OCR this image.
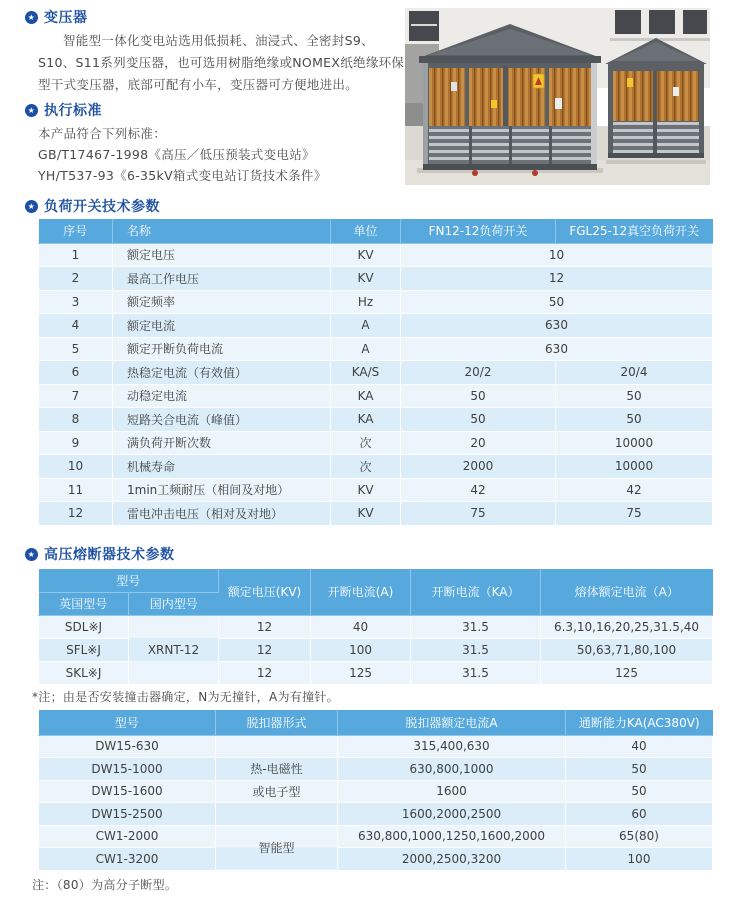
★ 变压器
智能型一体化变电站选用低损耗、油浸式、全密封S9、S10、S11系列变压器，也可选用树脂绝缘或NOMEX纸绝缘环保型干式变压器，底部可配有小车，变压器可方便地进出。
★ 执行标准
本产品符合下列标准：
GB/T17467-1998《高压／低压预装式变电站》
YH/T537-93《6-35kV箱式变电站订货技术条件》
★ 负荷开关技术参数
序号	名称	单位	FN12-12负荷开关	FGL25-12真空负荷开关
1	额定电压	KV	10	
2	最高工作电压	KV	12	
3	额定频率	Hz	50	
4	额定电流	A	630	
5	额定开断负荷电流	A	630	
6	热稳定电流（有效值）	KA/S	20/2	20/4
7	动稳定电流	KA	50	50
8	短路关合电流（峰值）	KA	50	50
9	满负荷开断次数	次	20	10000
10	机械寿命	次	2000	10000
11	1min工频耐压（相间及对地）	KV	42	42
12	雷电冲击电压（相对及对地）	KV	75	75
★ 高压熔断器技术参数
型号		额定电压(KV)	开断电流(A)	开断电流（KA）	熔体额定电流（A）
英国型号	国内型号				
SDL※J	XRNT-12	12	40	31.5	6.3,10,16,20,25,31.5,40
SFL※J		12	100	31.5	50,63,71,80,100
SKL※J		12	125	31.5	125
*注；由是否安装撞击器确定，N为无撞针，A为有撞针。
型号	脱扣器形式	脱扣器额定电流A	通断能力KA(AC380V)
DW15-630		315,400,630	40
DW15-1000	热-电磁性	630,800,1000	50
DW15-1600	或电子型	1600	50
DW15-2500		1600,2000,2500	60
CW1-2000	智能型	630,800,1000,1250,1600,2000	65(80)
CW1-3200		2000,2500,3200	100
注：（80）为高分子断型。
